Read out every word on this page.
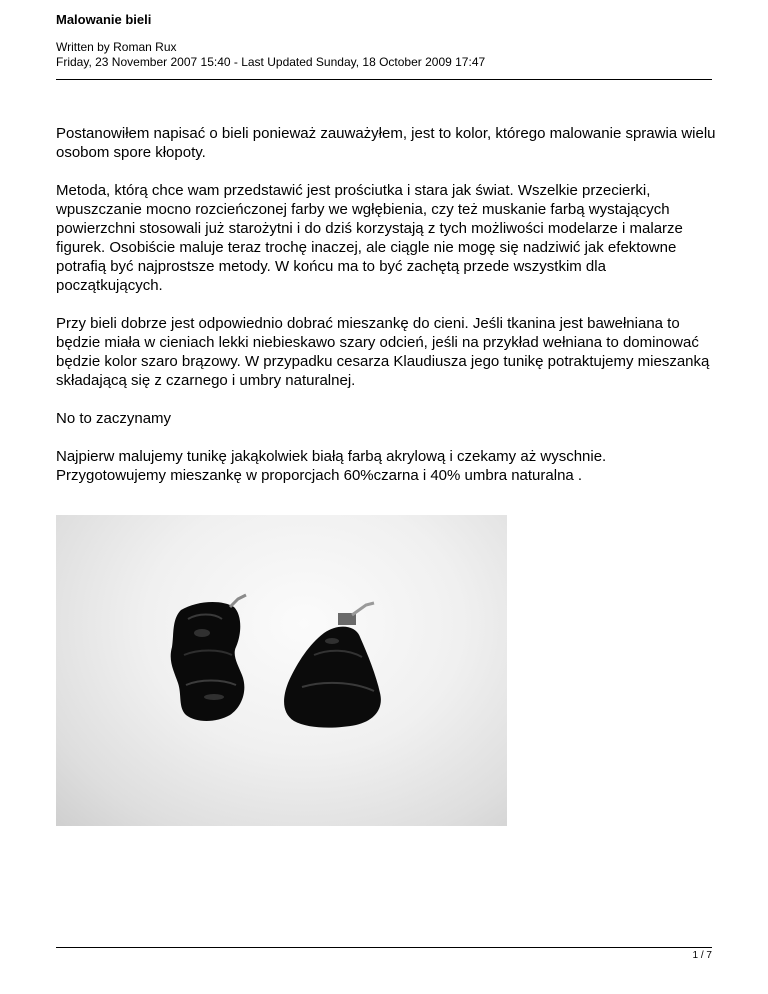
Malowanie bieli
Written by Roman Rux
Friday, 23 November 2007 15:40 - Last Updated Sunday, 18 October 2009 17:47

Postanowiłem napisać o bieli ponieważ zauważyłem, jest to kolor, którego malowanie sprawia wielu osobom spore kłopoty.

Metoda, którą chce wam przedstawić jest prościutka i stara jak świat. Wszelkie przecierki, wpuszczanie mocno rozcieńczonej farby we wgłębienia, czy też muskanie farbą wystających powierzchni stosowali już starożytni i do dziś korzystają z tych możliwości modelarze i malarze figurek. Osobiście maluje teraz trochę inaczej, ale ciągle nie mogę się nadziwić jak efektowne potrafią być najprostsze metody. W końcu ma to być zachętą przede wszystkim dla początkujących.

Przy bieli dobrze jest odpowiednio dobrać mieszankę do cieni. Jeśli tkanina jest bawełniana to będzie miała w cieniach lekki niebieskawo szary odcień, jeśli na przykład wełniana to dominować będzie kolor szaro brązowy. W przypadku cesarza Klaudiusza jego tunikę potraktujemy mieszanką składającą się z czarnego i umbry naturalnej.

No to zaczynamy

Najpierw malujemy tunikę jakąkolwiek białą farbą akrylową i czekamy aż wyschnie. Przygotowujemy mieszankę w proporcjach 60%czarna i 40% umbra naturalna .

1 / 7
